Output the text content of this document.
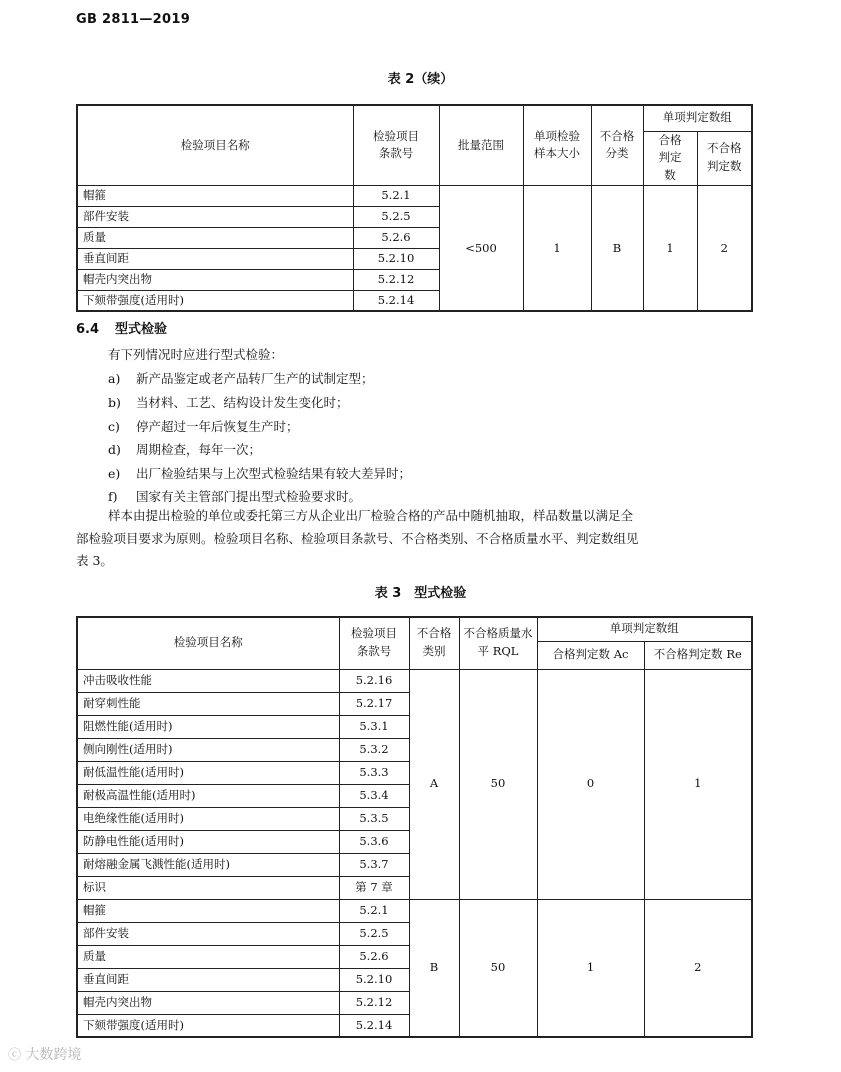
GB 2811—2019
表 2（续）
检验项目名称	检验项目条款号	批量范围	单项检验样本大小	不合格分类	单项判定数组	
					合格判定数	不合格判定数
帽箍	5.2.1	<500	1	B	1	2
部件安装	5.2.5					
质量	5.2.6					
垂直间距	5.2.10					
帽壳内突出物	5.2.12					
下颏带强度(适用时)	5.2.14					
6.4 型式检验
有下列情况时应进行型式检验：
a) 新产品鉴定或老产品转厂生产的试制定型；
b) 当材料、工艺、结构设计发生变化时；
c) 停产超过一年后恢复生产时；
d) 周期检查，每年一次；
e) 出厂检验结果与上次型式检验结果有较大差异时；
f) 国家有关主管部门提出型式检验要求时。
样本由提出检验的单位或委托第三方从企业出厂检验合格的产品中随机抽取，样品数量以满足全
部检验项目要求为原则。检验项目名称、检验项目条款号、不合格类别、不合格质量水平、判定数组见
表 3。
表 3　型式检验
检验项目名称	检验项目条款号	不合格类别	不合格质量水平 RQL	单项判定数组	
				合格判定数 Ac	不合格判定数 Re
冲击吸收性能	5.2.16	A	50	0	1
耐穿刺性能	5.2.17				
阻燃性能(适用时)	5.3.1				
侧向刚性(适用时)	5.3.2				
耐低温性能(适用时)	5.3.3				
耐极高温性能(适用时)	5.3.4				
电绝缘性能(适用时)	5.3.5				
防静电性能(适用时)	5.3.6				
耐熔融金属飞溅性能(适用时)	5.3.7				
标识	第 7 章				
帽箍	5.2.1	B	50	1	2
部件安装	5.2.5				
质量	5.2.6				
垂直间距	5.2.10				
帽壳内突出物	5.2.12				
下颏带强度(适用时)	5.2.14				
ⓒ 大数跨境
